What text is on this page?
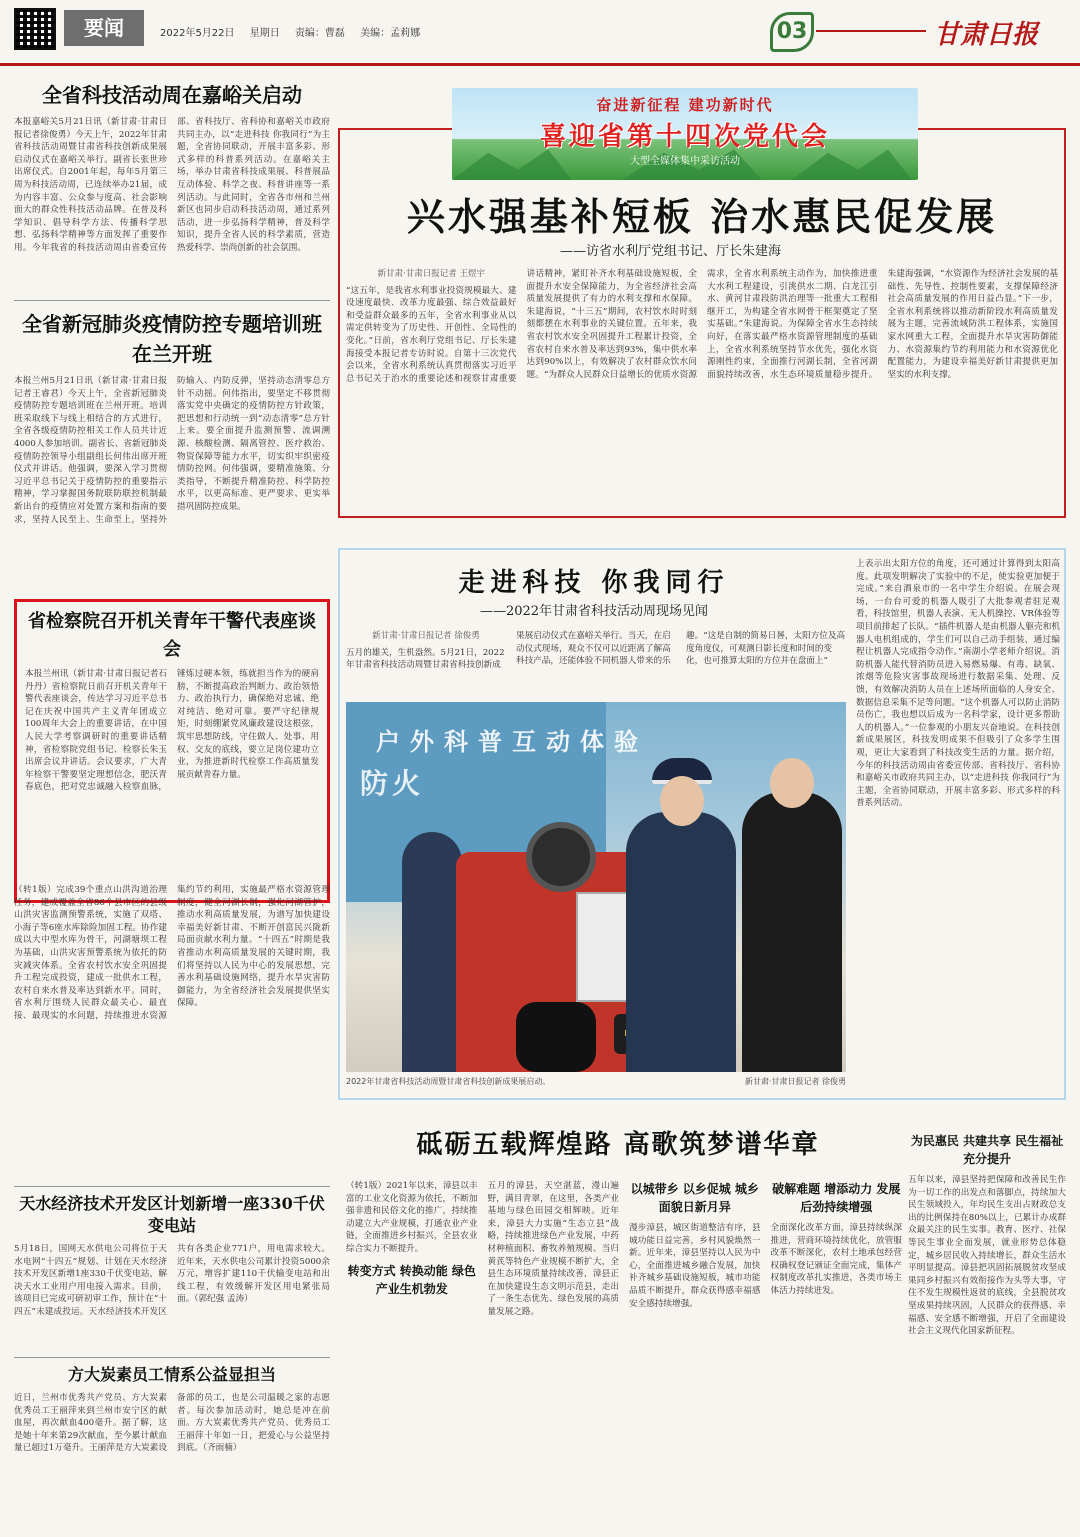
要闻	2022年5月22日 星期日 责编：曹磊 美编：孟莉娜	03	甘肃日报
全省科技活动周在嘉峪关启动
本报嘉峪关5月21日讯（新甘肃·甘肃日报记者徐俊勇）今天上午，2022年甘肃省科技活动周暨甘肃省科技创新成果展启动仪式在嘉峪关举行。副省长张世珍出席仪式。自2001年起，每年5月第三周为科技活动周，已连续举办21届，成为内容丰富、公众参与度高、社会影响面大的群众性科技活动品牌。在普及科学知识、倡导科学方法、传播科学思想、弘扬科学精神等方面发挥了重要作用。今年我省的科技活动周由省委宣传部、省科技厅、省科协和嘉峪关市政府共同主办，以“走进科技 你我同行”为主题，全省协同联动，开展丰富多彩、形式多样的科普系列活动。在嘉峪关主场，举办甘肃省科技成果展、科普展品互动体验、科学之夜、科普讲座等一系列活动。与此同时，全省各市州和兰州新区也同步启动科技活动周，通过系列活动，进一步弘扬科学精神，普及科学知识，提升全省人民的科学素质，营造热爱科学、崇尚创新的社会氛围。
全省新冠肺炎疫情防控专题培训班在兰开班
本报兰州5月21日讯（新甘肃·甘肃日报记者王睿君）今天上午，全省新冠肺炎疫情防控专题培训班在兰州开班。培训班采取线下与线上相结合的方式进行，全省各级疫情防控相关工作人员共计近4000人参加培训。副省长、省新冠肺炎疫情防控领导小组副组长何伟出席开班仪式并讲话。他强调，要深入学习贯彻习近平总书记关于疫情防控的重要指示精神，学习掌握国务院联防联控机制最新出台的疫情应对处置方案和指南的要求，坚持人民至上、生命至上，坚持外防输入、内防反弹，坚持动态清零总方针不动摇。何伟指出，要坚定不移贯彻落实党中央确定的疫情防控方针政策，把思想和行动统一到“动态清零”总方针上来。要全面提升监测预警、流调溯源、核酸检测、隔离管控、医疗救治、物资保障等能力水平，切实织牢织密疫情防控网。何伟强调，要精准施策、分类指导，不断提升精准防控、科学防控水平，以更高标准、更严要求、更实举措巩固防控成果。
省检察院召开机关青年干警代表座谈会
本报兰州讯（新甘肃·甘肃日报记者石丹丹）省检察院日前召开机关青年干警代表座谈会，传达学习习近平总书记在庆祝中国共产主义青年团成立100周年大会上的重要讲话，在中国人民大学考察调研时的重要讲话精神，省检察院党组书记、检察长朱玉出席会议并讲话。会议要求，广大青年检察干警要坚定理想信念，肥沃青春底色，把对党忠诚融入检察血脉，锤炼过硬本领，练就担当作为的硬肩膀，不断提高政治判断力、政治领悟力、政治执行力，确保绝对忠诚、绝对纯洁、绝对可靠。要严守纪律规矩，时刻绷紧党风廉政建设这根弦，筑牢思想防线，守住做人、处事、用权、交友的底线，要立足岗位建功立业，为推进新时代检察工作高质量发展贡献青春力量。
（转1版）完成39个重点山洪沟道治理任务，建成覆盖全省86个县市区的县级山洪灾害监测预警系统，实施了双塔、小海子等6座水库除险加固工程。协作建成以大中型水库为骨干，河湖塘坝工程为基础，山洪灾害预警系统为依托的防灾减灾体系。全省农村饮水安全巩固提升工程完成投资，建成一批供水工程，农村自来水普及率达到新水平。同时，省水利厅围绕人民群众最关心、最直接、最现实的水问题，持续推进水资源集约节约利用，实施最严格水资源管理制度，健全河湖长制，强化河湖管护，推动水利高质量发展，为谱写加快建设幸福美好新甘肃、不断开创富民兴陇新局面贡献水利力量。“十四五”时期是我省推动水利高质量发展的关键时期，我们将坚持以人民为中心的发展思想，完善水利基础设施网络，提升水旱灾害防御能力，为全省经济社会发展提供坚实保障。
天水经济技术开发区计划新增一座330千伏变电站
5月18日，国网天水供电公司将位于天水电网“十四五”规划、计划在天水经济技术开发区新增1座330千伏变电站，解决天水工业用户用电接入需求。目前，该项目已完成可研初审工作，预计在“十四五”末建成投运。天水经济技术开发区共有各类企业771户，用电需求较大。近年来，天水供电公司累计投资5000余万元，增容扩建110千伏输变电站和出线工程，有效缓解开发区用电紧张局面。（郭纪强 孟涛）
方大炭素员工情系公益显担当
近日，兰州市优秀共产党员、方大炭素优秀员工王丽萍来到兰州市安宁区的献血屋，再次献血400毫升。据了解，这是她十年来第29次献血，至今累计献血量已超过1万毫升。王丽萍是方大炭素设备部的员工，也是公司温暖之家的志愿者。每次参加活动时，她总是冲在前面。方大炭素优秀共产党员、优秀员工王丽萍十年如一日，把爱心与公益坚持到底。（齐雨楠）
奋进新征程 建功新时代
喜迎省第十四次党代会
大型全媒体集中采访活动
兴水强基补短板 治水惠民促发展
——访省水利厅党组书记、厅长朱建海
新甘肃·甘肃日报记者 王煜宇
“这五年，是我省水利事业投资规模最大、建设速度最快、改革力度最强、综合效益最好和受益群众最多的五年，全省水利事业从以需定供转变为了历史性、开创性、全局性的变化。”日前，省水利厅党组书记、厅长朱建海接受本报记者专访时说。自第十三次党代会以来，全省水利系统认真贯彻落实习近平总书记关于治水的重要论述和视察甘肃重要讲话精神，紧盯补齐水利基础设施短板，全面提升水安全保障能力，为全省经济社会高质量发展提供了有力的水利支撑和水保障。朱建海说，“十三五”期间，农村饮水时时刻刻都摆在水利事业的关键位置。五年来，我省农村饮水安全巩固提升工程累计投资，全省农村自来水普及率达到93%，集中供水率达到90%以上，有效解决了农村群众饮水问题。“为群众人民群众日益增长的优质水资源需求，全省水利系统主动作为，加快推进重大水利工程建设，引洮供水二期、白龙江引水、黄河甘肃段防洪治理等一批重大工程相继开工，为构建全省水网骨干框架奠定了坚实基础。”朱建海说。为保障全省水生态持续向好，在落实最严格水资源管理制度的基础上，全省水利系统坚持节水优先，强化水资源刚性约束，全面推行河湖长制，全省河湖面貌持续改善，水生态环境质量稳步提升。朱建海强调，“水资源作为经济社会发展的基础性、先导性、控制性要素，支撑保障经济社会高质量发展的作用日益凸显。”下一步，全省水利系统将以推动新阶段水利高质量发展为主题，完善流域防洪工程体系，实施国家水网重大工程，全面提升水旱灾害防御能力、水资源集约节约利用能力和水资源优化配置能力，为建设幸福美好新甘肃提供更加坚实的水利支撑。
走进科技 你我同行
——2022年甘肃省科技活动周现场见闻
新甘肃·甘肃日报记者 徐俊勇
五月的雄关，生机盎然。5月21日，2022年甘肃省科技活动周暨甘肃省科技创新成果展启动仪式在嘉峪关举行。当天，在启动仪式现场，观众不仅可以近距离了解高科技产品，还能体验不同机器人带来的乐趣。“这是自制的简易日晷，太阳方位及高度角度仪，可观测日影长度和时间的变化，也可推算太阳的方位并在盘面上”
上表示出太阳方位的角度，还可通过计算得到太阳高度。此项发明解决了实验中的不足，使实验更加便于完成。”来自酒泉市的一名中学生介绍说。在展会现场，一台台可爱的机器人吸引了大批参观者驻足观看，科技馆里，机器人表演、无人机操控、VR体验等项目前排起了长队。“插件机器人是由机器人躯壳和机器人电机组成的，学生们可以自己动手组装，通过编程让机器人完成指令动作。”南湖小学老师介绍说。消防机器人能代替消防员进入易燃易爆、有毒、缺氧、浓烟等危险灾害事故现场进行数据采集、处理、反馈，有效解决消防人员在上述场所面临的人身安全、数据信息采集不足等问题。“这个机器人可以防止消防员伤亡，我也想以后成为一名科学家，设计更多帮助人的机器人。”一位参观的小朋友兴奋地说。在科技创新成果展区，科技发明成果不但吸引了众多学生围观，更让大家看到了科技改变生活的力量。据介绍，今年的科技活动周由省委宣传部、省科技厅、省科协和嘉峪关市政府共同主办，以“走进科技 你我同行”为主题，全省协同联动，开展丰富多彩、形式多样的科普系列活动。
户外科普互动体验
防火
2022年甘肃省科技活动周暨甘肃省科技创新成果展启动。	新甘肃·甘肃日报记者 徐俊勇
砥砺五载辉煌路 高歌筑梦谱华章
（转1版）2021年以来，漳县以丰富的工业文化资源为依托，不断加强非遗和民俗文化的推广，持续推动建立大产业规模，打通农业产业链，全面推进乡村振兴，全县农业综合实力不断提升。
转变方式 转换动能 绿色产业生机勃发
五月的漳县，天空湛蓝，漫山遍野，满目青翠，在这里，各类产业基地与绿色田园交相辉映。近年来，漳县大力实施“生态立县”战略，持续推进绿色产业发展，中药材种植面积、畜牧养殖规模、当归黄芪等特色产业规模不断扩大，全县生态环境质量持续改善，漳县正在加快建设生态文明示范县，走出了一条生态优先、绿色发展的高质量发展之路。
以城带乡 以乡促城 城乡面貌日新月异
漫步漳县，城区街道整洁有序，县城功能日益完善，乡村风貌焕然一新。近年来，漳县坚持以人民为中心，全面推进城乡融合发展，加快补齐城乡基础设施短板，城市功能品质不断提升，群众获得感幸福感安全感持续增强。
破解难题 增添动力 发展后劲持续增强
全面深化改革方面，漳县持续纵深推进，营商环境持续优化，放管服改革不断深化，农村土地承包经营权确权登记颁证全面完成，集体产权制度改革扎实推进，各类市场主体活力持续迸发。
为民惠民 共建共享 民生福祉充分提升
五年以来，漳县坚持把保障和改善民生作为一切工作的出发点和落脚点，持续加大民生领域投入，年均民生支出占财政总支出的比例保持在80%以上，已累计办成群众最关注的民生实事。教育、医疗、社保等民生事业全面发展，就业形势总体稳定，城乡居民收入持续增长，群众生活水平明显提高。漳县把巩固拓展脱贫攻坚成果同乡村振兴有效衔接作为头等大事，守住不发生规模性返贫的底线，全县脱贫攻坚成果持续巩固，人民群众的获得感、幸福感、安全感不断增强，开启了全面建设社会主义现代化国家新征程。
